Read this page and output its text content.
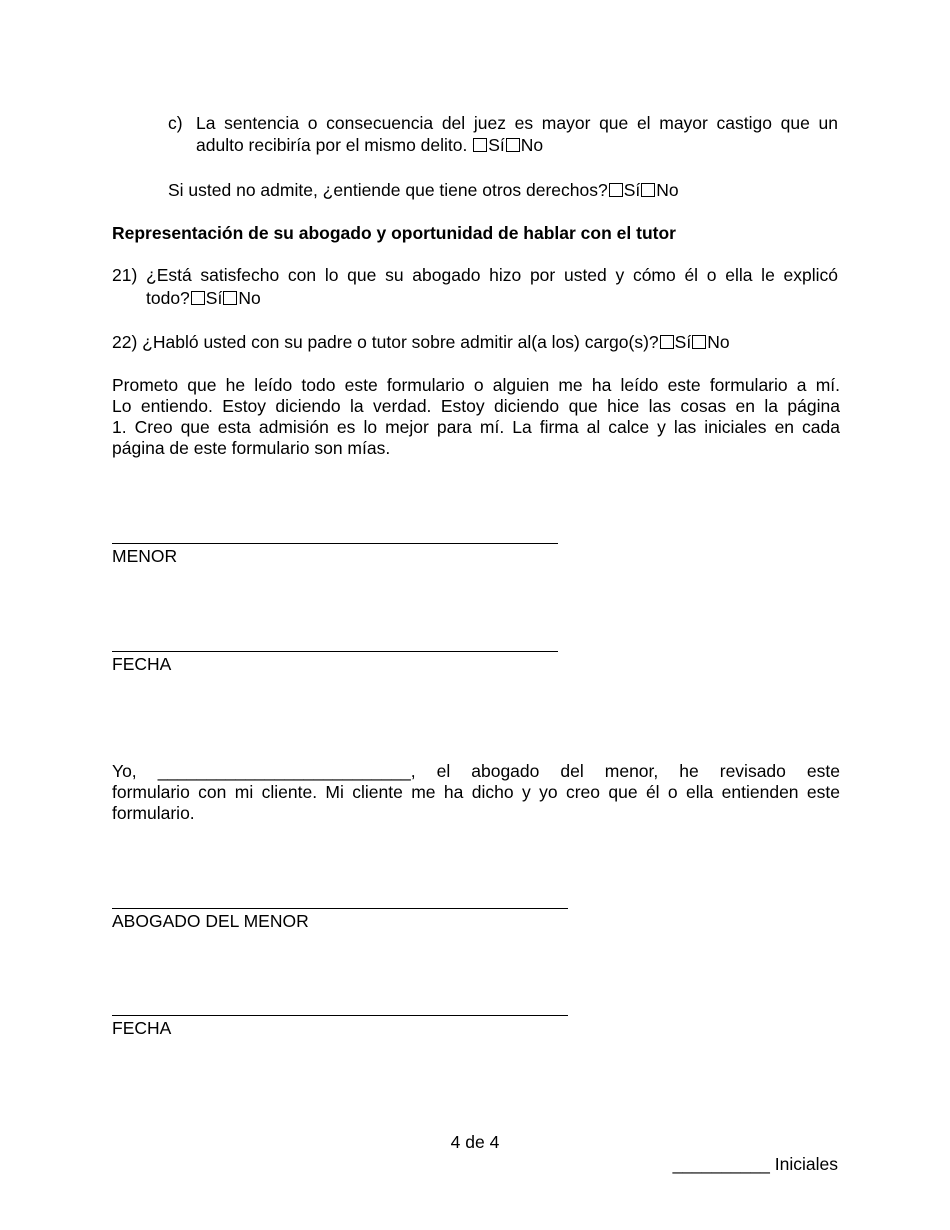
c) La sentencia o consecuencia del juez es mayor que el mayor castigo que un
adulto recibiría por el mismo delito. Sí No
Si usted no admite, ¿entiende que tiene otros derechos? Sí No
Representación de su abogado y oportunidad de hablar con el tutor
21) ¿Está satisfecho con lo que su abogado hizo por usted y cómo él o ella le explicó
todo? Sí No
22) ¿Habló usted con su padre o tutor sobre admitir al(a los) cargo(s)? Sí No
Prometo que he leído todo este formulario o alguien me ha leído este formulario a mí.
Lo entiendo. Estoy diciendo la verdad. Estoy diciendo que hice las cosas en la página
1. Creo que esta admisión es lo mejor para mí. La firma al calce y las iniciales en cada
página de este formulario son mías.
MENOR
FECHA
Yo, __________________________, el abogado del menor, he revisado este
formulario con mi cliente. Mi cliente me ha dicho y yo creo que él o ella entienden este
formulario.
ABOGADO DEL MENOR
FECHA
4 de 4
__________ Iniciales
